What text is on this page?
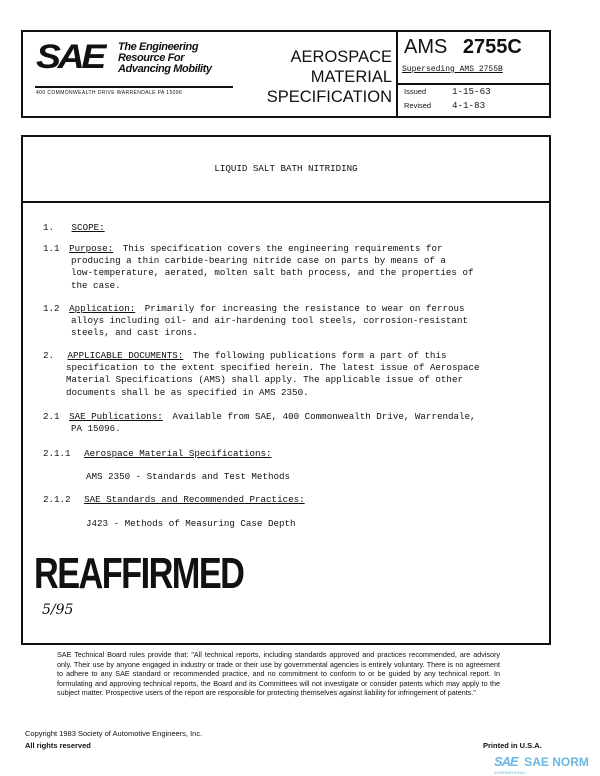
SAE The Engineering
Resource For
Advancing Mobility
400 COMMONWEALTH DRIVE WARRENDALE PA 15096
AEROSPACE
MATERIAL
SPECIFICATION
AMS 2755C
Superseding AMS 2755B
Issued	1-15-63
Revised 4-1-83
LIQUID SALT BATH NITRIDING
1. SCOPE:
1.1 Purpose: This specification covers the engineering requirements for
producing a thin carbide-bearing nitride case on parts by means of a
low-temperature, aerated, molten salt bath process, and the properties of
the case.
1.2 Application: Primarily for increasing the resistance to wear on ferrous
alloys including oil- and air-hardening tool steels, corrosion-resistant
steels, and cast irons.
2. APPLICABLE DOCUMENTS: The following publications form a part of this
specification to the extent specified herein. The latest issue of Aerospace
Material Specifications (AMS) shall apply. The applicable issue of other
documents shall be as specified in AMS 2350.
2.1 SAE Publications: Available from SAE, 400 Commonwealth Drive, Warrendale,
PA 15096.
2.1.1 Aerospace Material Specifications:
AMS 2350 - Standards and Test Methods
2.1.2 SAE Standards and Recommended Practices:
J423 - Methods of Measuring Case Depth
REAFFIRMED
5/95
SAE Technical Board rules provide that: "All technical reports, including standards approved and practices recommended, are advisory only. Their use by anyone engaged in industry or trade or their use by governmental agencies is entirely voluntary. There is no agreement to adhere to any SAE standard or recommended practice, and no commitment to conform to or be guided by any technical report. In formulating and approving technical reports, the Board and its Committees will not investigate or consider patents which may apply to the subject matter. Prospective users of the report are responsible for protecting themselves against liability for infringement of patents."
Copyright 1983 Society of Automotive Engineers, Inc.
All rights reserved	Printed in U.S.A.
SAE SAE NORM
INTERNATIONAL
